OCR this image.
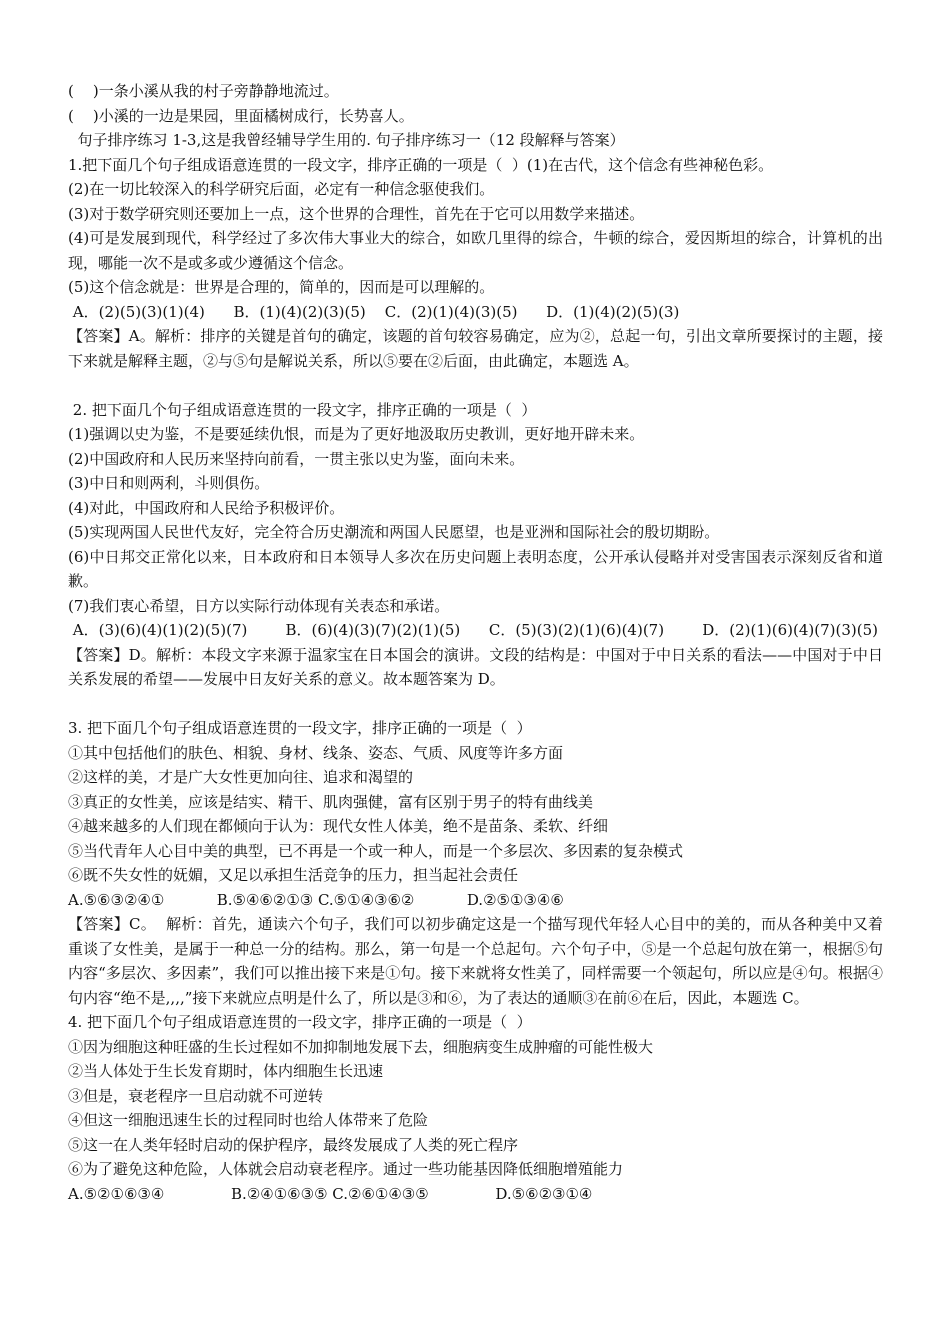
(    )一条小溪从我的村子旁静静地流过。

(    )小溪的一边是果园，里面橘树成行，长势喜人。

句子排序练习 1-3,这是我曾经辅导学生用的. 句子排序练习一（12 段解释与答案）

1.把下面几个句子组成语意连贯的一段文字，排序正确的一项是（  ）(1)在古代，这个信念有些神秘色彩。

(2)在一切比较深入的科学研究后面，必定有一种信念驱使我们。

(3)对于数学研究则还要加上一点，这个世界的合理性，首先在于它可以用数学来描述。

(4)可是发展到现代，科学经过了多次伟大事业大的综合，如欧几里得的综合，牛顿的综合，爱因斯坦的综合，计算机的出现，哪能一次不是或多或少遵循这个信念。

(5)这个信念就是：世界是合理的，简单的，因而是可以理解的。

A．(2)(5)(3)(1)(4)      B．(1)(4)(2)(3)(5)    C．(2)(1)(4)(3)(5)      D．(1)(4)(2)(5)(3)

【答案】A。解析：排序的关键是首句的确定，该题的首句较容易确定，应为②，总起一句，引出文章所要探讨的主题，接下来就是解释主题，②与⑤句是解说关系，所以⑤要在②后面，由此确定，本题选 A。

2. 把下面几个句子组成语意连贯的一段文字，排序正确的一项是（  ）

(1)强调以史为鉴，不是要延续仇恨，而是为了更好地汲取历史教训，更好地开辟未来。

(2)中国政府和人民历来坚持向前看，一贯主张以史为鉴，面向未来。

(3)中日和则两利，斗则俱伤。

(4)对此，中国政府和人民给予积极评价。

(5)实现两国人民世代友好，完全符合历史潮流和两国人民愿望，也是亚洲和国际社会的殷切期盼。

(6)中日邦交正常化以来，日本政府和日本领导人多次在历史问题上表明态度，公开承认侵略并对受害国表示深刻反省和道歉。

(7)我们衷心希望，日方以实际行动体现有关表态和承诺。

A．(3)(6)(4)(1)(2)(5)(7)        B．(6)(4)(3)(7)(2)(1)(5)      C．(5)(3)(2)(1)(6)(4)(7)        D．(2)(1)(6)(4)(7)(3)(5)

【答案】D。解析：本段文字来源于温家宝在日本国会的演讲。文段的结构是：中国对于中日关系的看法——中国对于中日关系发展的希望——发展中日友好关系的意义。故本题答案为 D。

3. 把下面几个句子组成语意连贯的一段文字，排序正确的一项是（  ）

①其中包括他们的肤色、相貌、身材、线条、姿态、气质、风度等许多方面

②这样的美，才是广大女性更加向往、追求和渴望的

③真正的女性美，应该是结实、精干、肌肉强健，富有区别于男子的特有曲线美

④越来越多的人们现在都倾向于认为：现代女性人体美，绝不是苗条、柔软、纤细

⑤当代青年人心目中美的典型，已不再是一个或一种人，而是一个多层次、多因素的复杂模式

⑥既不失女性的妩媚，又足以承担生活竞争的压力，担当起社会责任

A.⑤⑥③②④①           B.⑤④⑥②①③ C.⑤①④③⑥②           D.②⑤①③④⑥

【答案】C。  解析：首先，通读六个句子，我们可以初步确定这是一个描写现代年轻人心目中的美的，而从各种美中又着重谈了女性美，是属于一种总一分的结构。那么，第一句是一个总起句。六个句子中，⑤是一个总起句放在第一，根据⑤句内容“多层次、多因素”，我们可以推出接下来是①句。接下来就将女性美了，同样需要一个领起句，所以应是④句。根据④句内容“绝不是,,,,”接下来就应点明是什么了，所以是③和⑥，为了表达的通顺③在前⑥在后，因此，本题选 C。

4. 把下面几个句子组成语意连贯的一段文字，排序正确的一项是（  ）

①因为细胞这种旺盛的生长过程如不加抑制地发展下去，细胞病变生成肿瘤的可能性极大

②当人体处于生长发育期时，体内细胞生长迅速

③但是，衰老程序一旦启动就不可逆转

④但这一细胞迅速生长的过程同时也给人体带来了危险

⑤这一在人类年轻时启动的保护程序，最终发展成了人类的死亡程序

⑥为了避免这种危险，人体就会启动衰老程序。通过一些功能基因降低细胞增殖能力

A.⑤②①⑥③④              B.②④①⑥③⑤ C.②⑥①④③⑤              D.⑤⑥②③①④
